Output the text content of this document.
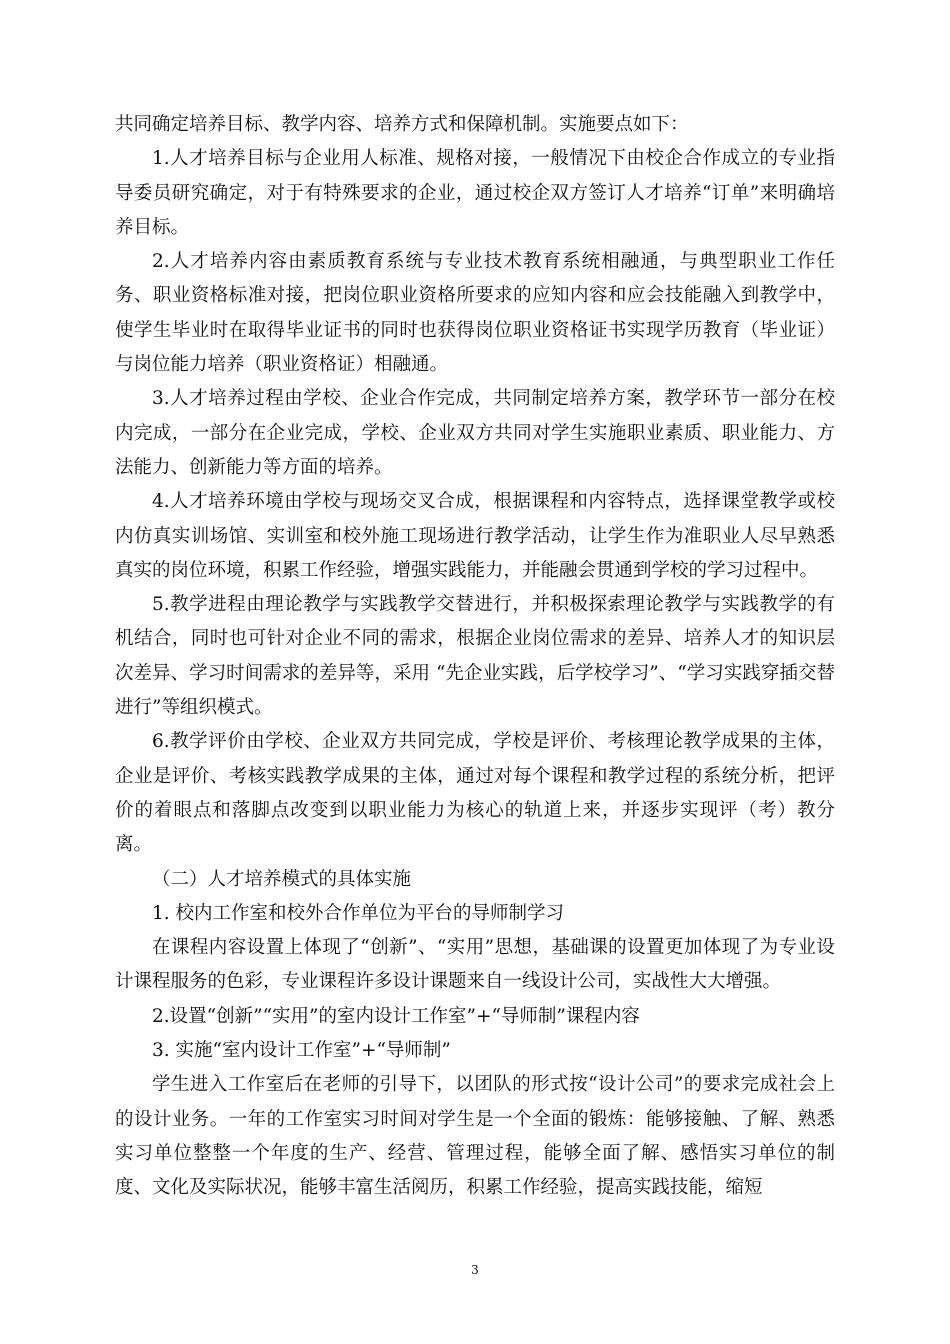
共同确定培养目标、教学内容、培养方式和保障机制。实施要点如下：

1.人才培养目标与企业用人标准、规格对接，一般情况下由校企合作成立的专业指导委员研究确定，对于有特殊要求的企业，通过校企双方签订人才培养“订单”来明确培养目标。

2.人才培养内容由素质教育系统与专业技术教育系统相融通，与典型职业工作任务、职业资格标准对接，把岗位职业资格所要求的应知内容和应会技能融入到教学中，使学生毕业时在取得毕业证书的同时也获得岗位职业资格证书实现学历教育（毕业证）与岗位能力培养（职业资格证）相融通。

3.人才培养过程由学校、企业合作完成，共同制定培养方案，教学环节一部分在校内完成，一部分在企业完成，学校、企业双方共同对学生实施职业素质、职业能力、方法能力、创新能力等方面的培养。

4.人才培养环境由学校与现场交叉合成，根据课程和内容特点，选择课堂教学或校内仿真实训场馆、实训室和校外施工现场进行教学活动，让学生作为准职业人尽早熟悉真实的岗位环境，积累工作经验，增强实践能力，并能融会贯通到学校的学习过程中。

5.教学进程由理论教学与实践教学交替进行，并积极探索理论教学与实践教学的有机结合，同时也可针对企业不同的需求，根据企业岗位需求的差异、培养人才的知识层次差异、学习时间需求的差异等，采用 “先企业实践，后学校学习”、“学习实践穿插交替进行”等组织模式。

6.教学评价由学校、企业双方共同完成，学校是评价、考核理论教学成果的主体，企业是评价、考核实践教学成果的主体，通过对每个课程和教学过程的系统分析，把评价的着眼点和落脚点改变到以职业能力为核心的轨道上来，并逐步实现评（考）教分离。

（二）人才培养模式的具体实施

1. 校内工作室和校外合作单位为平台的导师制学习

在课程内容设置上体现了“创新”、“实用”思想，基础课的设置更加体现了为专业设计课程服务的色彩，专业课程许多设计课题来自一线设计公司，实战性大大增强。

2.设置“创新”“实用”的室内设计工作室”+“导师制”课程内容

3. 实施“室内设计工作室”+“导师制”

学生进入工作室后在老师的引导下，以团队的形式按“设计公司”的要求完成社会上的设计业务。一年的工作室实习时间对学生是一个全面的锻炼：能够接触、了解、熟悉实习单位整整一个年度的生产、经营、管理过程，能够全面了解、感悟实习单位的制度、文化及实际状况，能够丰富生活阅历，积累工作经验，提高实践技能，缩短

3
